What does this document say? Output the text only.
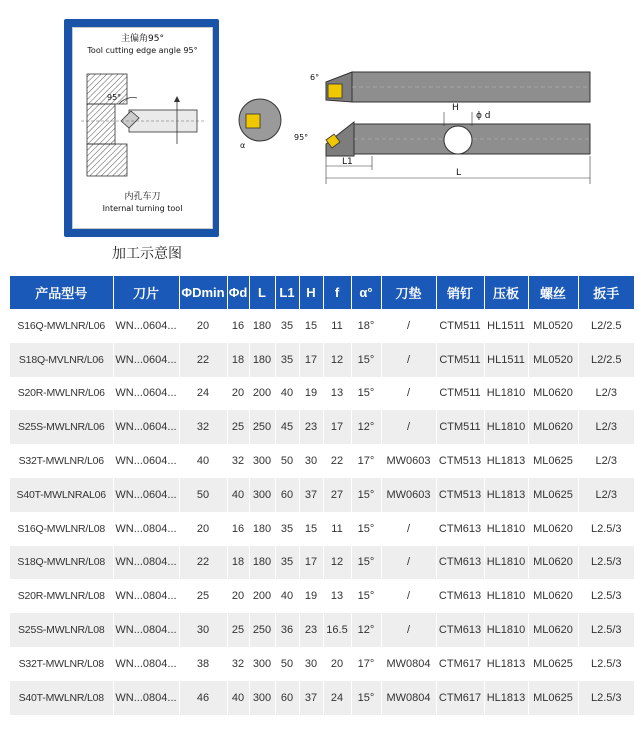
主偏角95°
Tool cutting edge angle 95°
95°
内孔车刀
Internal turning tool
加工示意图
α
6°
95°
H
ϕ d
L1
L
产品型号	刀片	ΦDmin	Φd	L	L1	H	f	α°	刀垫	销钉	压板	螺丝	扳手
S16Q-MWLNR/L06	WN...0604...	20	16	180	35	15	11	18°	/	CTM511	HL1511	ML0520	L2/2.5
S18Q-MVLNR/L06	WN...0604...	22	18	180	35	17	12	15°	/	CTM511	HL1511	ML0520	L2/2.5
S20R-MWLNR/L06	WN...0604...	24	20	200	40	19	13	15°	/	CTM511	HL1810	ML0620	L2/3
S25S-MWLNR/L06	WN...0604...	32	25	250	45	23	17	12°	/	CTM511	HL1810	ML0620	L2/3
S32T-MWLNR/L06	WN...0604...	40	32	300	50	30	22	17°	MW0603	CTM513	HL1813	ML0625	L2/3
S40T-MWLNRAL06	WN...0604...	50	40	300	60	37	27	15°	MW0603	CTM513	HL1813	ML0625	L2/3
S16Q-MWLNR/L08	WN...0804...	20	16	180	35	15	11	15°	/	CTM613	HL1810	ML0620	L2.5/3
S18Q-MWLNR/L08	WN...0804...	22	18	180	35	17	12	15°	/	CTM613	HL1810	ML0620	L2.5/3
S20R-MWLNR/L08	WN...0804...	25	20	200	40	19	13	15°	/	CTM613	HL1810	ML0620	L2.5/3
S25S-MWLNR/L08	WN...0804...	30	25	250	36	23	16.5	12°	/	CTM613	HL1810	ML0620	L2.5/3
S32T-MWLNR/L08	WN...0804...	38	32	300	50	30	20	17°	MW0804	CTM617	HL1813	ML0625	L2.5/3
S40T-MWLNR/L08	WN...0804...	46	40	300	60	37	24	15°	MW0804	CTM617	HL1813	ML0625	L2.5/3
